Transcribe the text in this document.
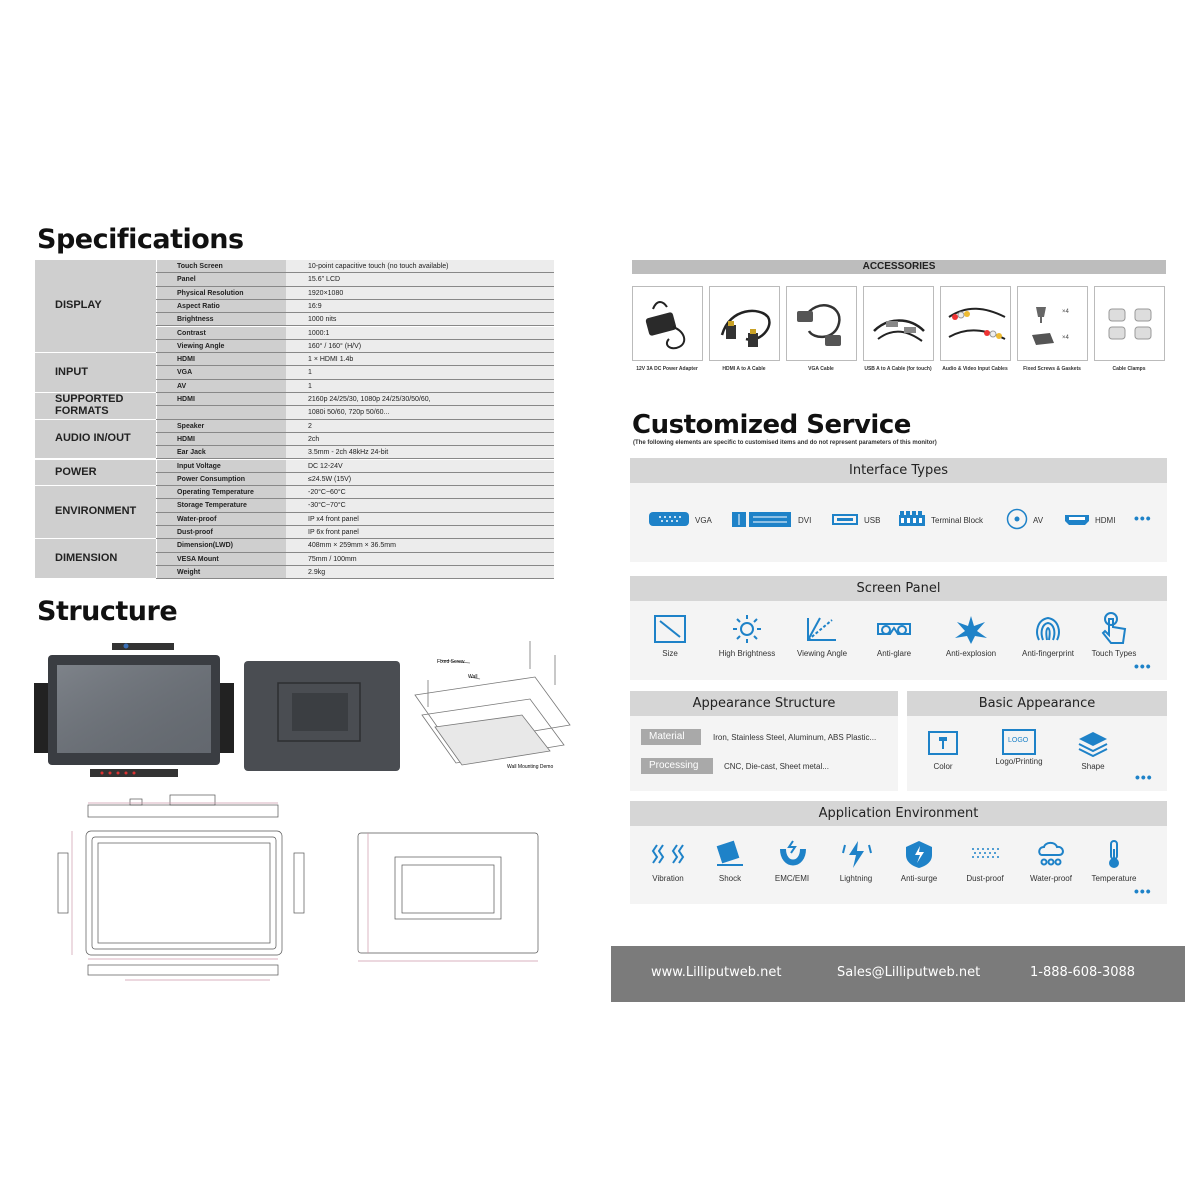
Specifications
DISPLAY
Touch Screen	10-point capacitive touch (no touch available)
Panel	15.6" LCD
Physical Resolution	1920×1080
Aspect Ratio	16:9
Brightness	1000 nits
Contrast	1000:1
Viewing Angle	160° / 160° (H/V)
INPUT
HDMI	1 × HDMI 1.4b
VGA	1
AV	1
SUPPORTED FORMATS
HDMI	2160p 24/25/30, 1080p 24/25/30/50/60,
1080i 50/60, 720p 50/60...
AUDIO IN/OUT
Speaker	2
HDMI	2ch
Ear Jack	3.5mm - 2ch 48kHz 24-bit
POWER	Input Voltage	DC 12-24V
Power Consumption	≤24.5W (15V)
ENVIRONMENT
Operating Temperature	-20°C~60°C
Storage Temperature	-30°C~70°C
Water-proof	IP x4 front panel
Dust-proof	IP 6x front panel
DIMENSION
Dimension(LWD)	408mm × 259mm × 36.5mm
VESA Mount	75mm / 100mm
Weight	2.9kg
Structure
Fixed Screw
Wall
Wall Mounting Demo
ACCESSORIES
×4
×4
12V 3A DC Power Adapter	HDMI A to A Cable	VGA Cable	USB A to A Cable (for touch)	Audio & Video Input Cables	Fixed Screws & Gaskets	Cable Clamps
Customized Service
(The following elements are specific to customised items and do not represent parameters of this monitor)
Interface Types
VGA	DVI	USB	Terminal Block	AV	HDMI •••
Screen Panel
Size	High Brightness	Viewing Angle	Anti-glare	Anti-explosion	Anti-fingerprint	Touch Types
•••
Appearance Structure
Material	Iron, Stainless Steel, Aluminum, ABS Plastic...
Processing	CNC, Die-cast, Sheet metal...
Basic Appearance
Color
LOGO
Logo/Printing
Shape
•••
Application Environment
Vibration	Shock	EMC/EMI	Lightning	Anti-surge	Dust-proof	Water-proof	Temperature
•••
www.Lilliputweb.net	Sales@Lilliputweb.net	1-888-608-3088
